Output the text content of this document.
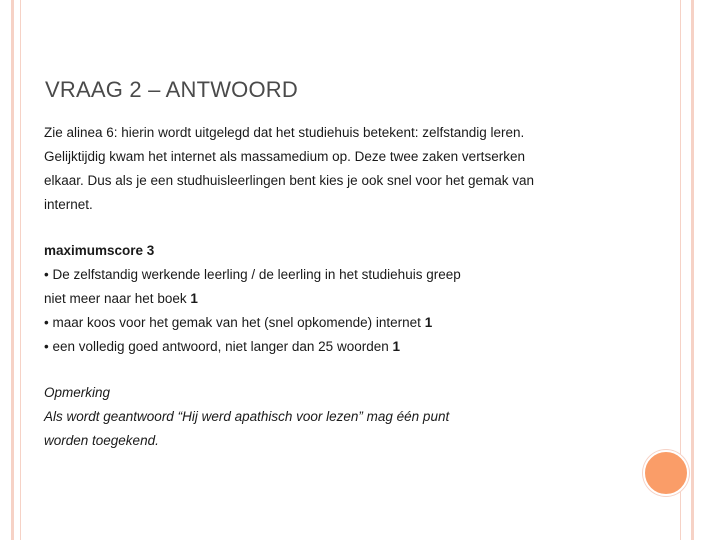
VRAAG 2 – ANTWOORD
Zie alinea 6: hierin wordt uitgelegd dat het studiehuis betekent: zelfstandig leren.
Gelijktijdig kwam het internet als massamedium op. Deze twee zaken vertserken
elkaar. Dus als je een studhuisleerlingen bent kies je ook snel voor het gemak van
internet.
maximumscore 3
• De zelfstandig werkende leerling / de leerling in het studiehuis greep
niet meer naar het boek 1
• maar koos voor het gemak van het (snel opkomende) internet 1
• een volledig goed antwoord, niet langer dan 25 woorden 1
Opmerking
Als wordt geantwoord “Hij werd apathisch voor lezen” mag één punt
worden toegekend.
